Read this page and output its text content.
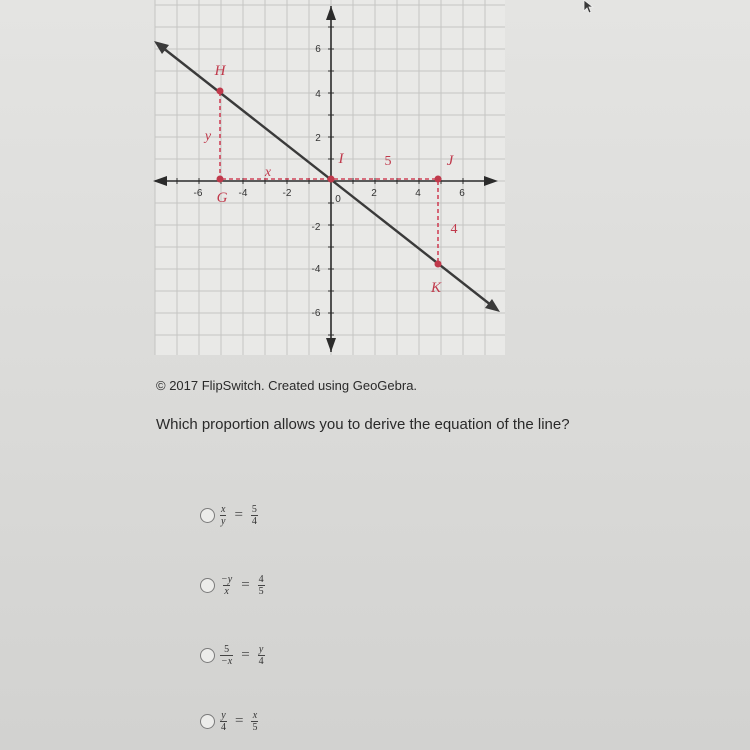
-6	-4	-2	2	4	6
6
4
2
-2
-4
-6
0
H
G
I	J
K
y
x
5
4
© 2017 FlipSwitch. Created using GeoGebra.
Which proportion allows you to derive the equation of the line?
$\frac{x}{y} = \frac{5}{4}$
$\frac{-y}{x} = \frac{4}{5}$
$\frac{5}{-x} = \frac{y}{4}$
$\frac{y}{4} = \frac{x}{5}$
